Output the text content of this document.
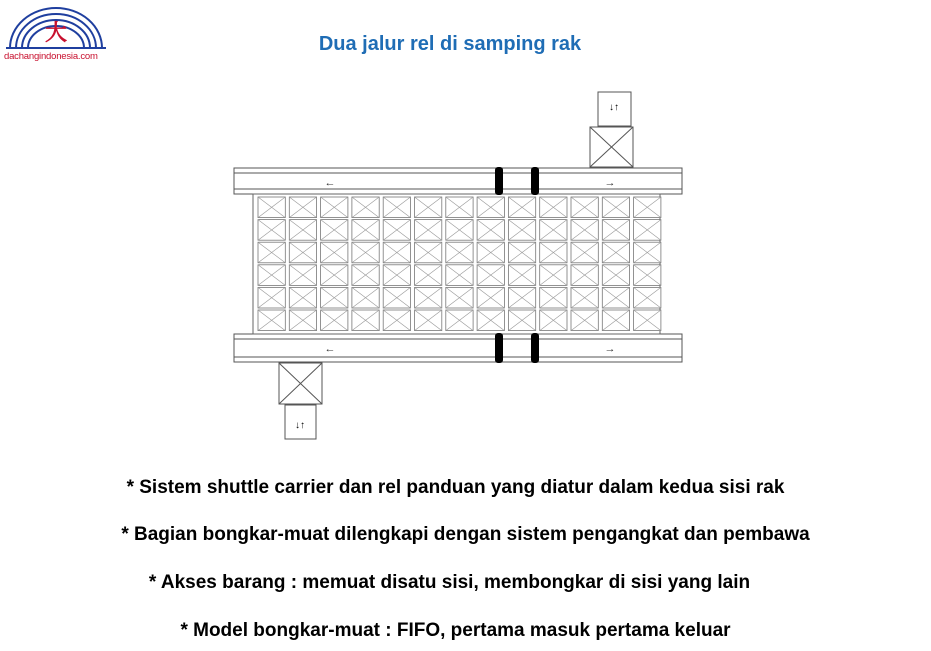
大
dachangindonesia.com
Dua jalur rel di samping rak
←	→
←	→
↓↑
↓↑
* Sistem shuttle carrier dan rel panduan yang diatur dalam kedua sisi rak
* Bagian bongkar-muat dilengkapi dengan sistem pengangkat dan pembawa
* Akses barang : memuat disatu sisi, membongkar di sisi yang lain
* Model bongkar-muat : FIFO, pertama masuk pertama keluar
